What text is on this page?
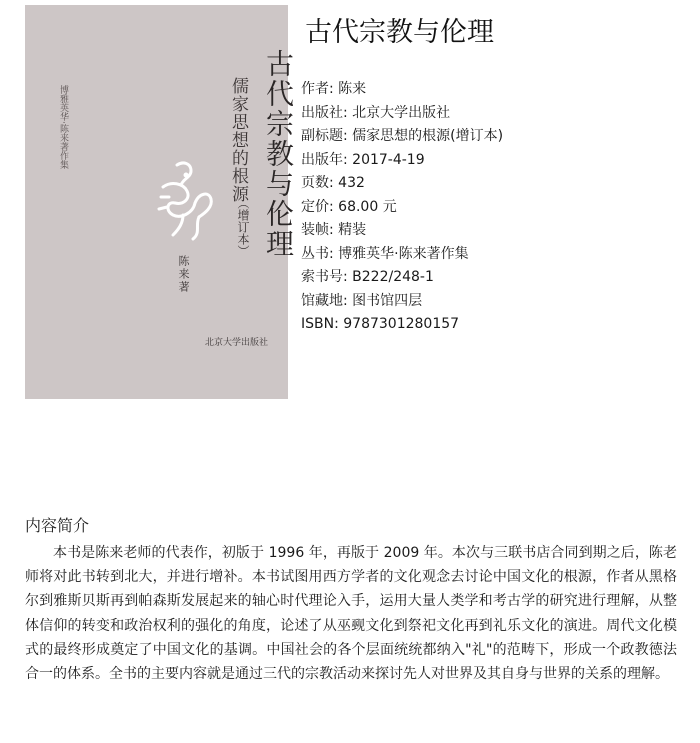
古代宗教与伦理
儒家思想的根源
（增订本）
博雅英华·陈来著作集
陈来著
北京大学出版社
古代宗教与伦理
作者: 陈来
出版社: 北京大学出版社
副标题: 儒家思想的根源(增订本)
出版年: 2017-4-19
页数: 432
定价: 68.00 元
装帧: 精装
丛书: 博雅英华·陈来著作集
索书号: B222/248-1
馆藏地: 图书馆四层
ISBN: 9787301280157
内容简介

本书是陈来老师的代表作，初版于 1996 年，再版于 2009 年。本次与三联书店合同到期之后，陈老师将对此书转到北大，并进行增补。本书试图用西方学者的文化观念去讨论中国文化的根源，作者从黑格尔到雅斯贝斯再到帕森斯发展起来的轴心时代理论入手，运用大量人类学和考古学的研究进行理解，从整体信仰的转变和政治权利的强化的角度，论述了从巫觋文化到祭祀文化再到礼乐文化的演进。周代文化模式的最终形成奠定了中国文化的基调。中国社会的各个层面统统都纳入"礼"的范畴下，形成一个政教德法合一的体系。全书的主要内容就是通过三代的宗教活动来探讨先人对世界及其自身与世界的关系的理解。
